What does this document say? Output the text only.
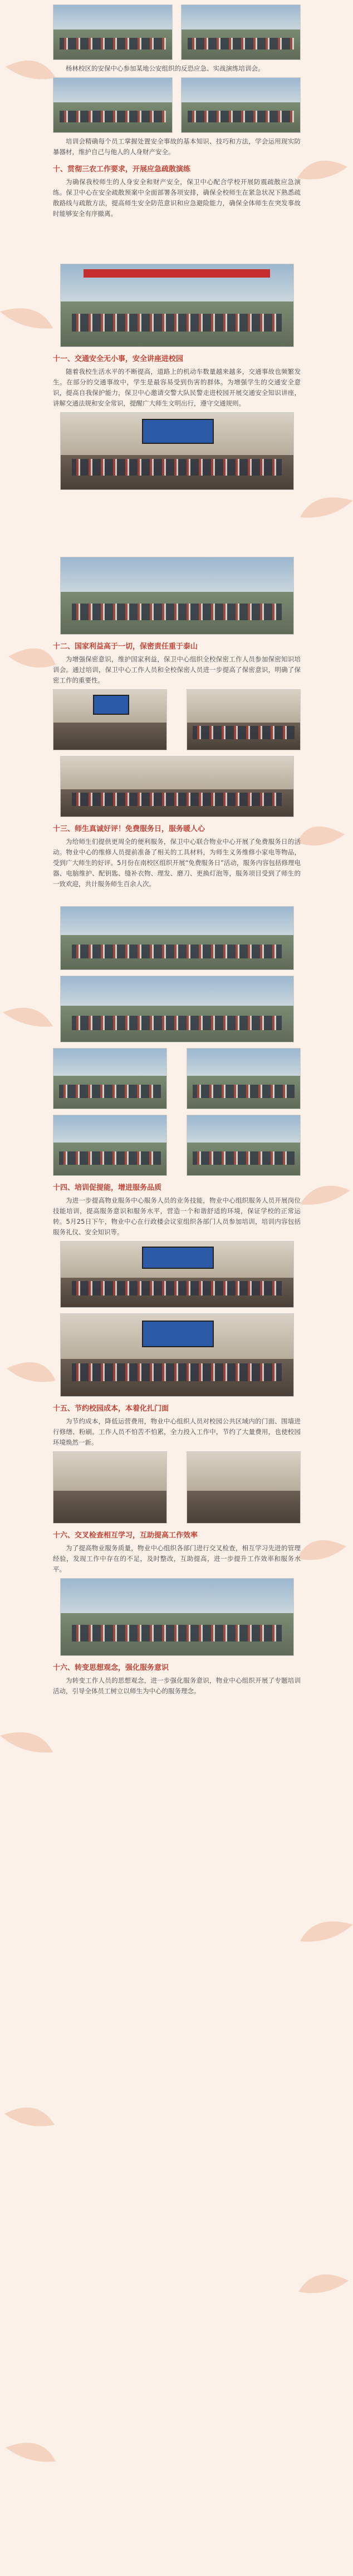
杨林校区的安保中心参加某地公安组织的反恐应急、实战演练培训会。

培训会精确每个员工掌握处置安全事故的基本知识、技巧和方法，学会运用现实防暴器材，维护自己与他人的人身财产安全。

十、贯彻三农工作要求，开展应急疏散演练

为确保我校师生的人身安全和财产安全，保卫中心配合学校开展防震疏散应急演练。保卫中心在安全疏散预案中全面部署各项安排，确保全校师生在紧急状况下熟悉疏散路线与疏散方法，提高师生安全防范意识和应急避险能力，确保全体师生在突发事故时能够安全有序撤离。

十一、交通安全无小事，安全讲座进校园

随着我校生活水平的不断提高，道路上的机动车数量越来越多，交通事故也频繁发生。在部分的交通事故中，学生是最容易受到伤害的群体。为增强学生的交通安全意识，提高自我保护能力，保卫中心邀请交警大队民警走进校园开展交通安全知识讲座，讲解交通法规和安全常识，提醒广大师生文明出行，遵守交通规则。

十二、国家利益高于一切，保密责任重于泰山

为增强保密意识，维护国家利益，保卫中心组织全校保密工作人员参加保密知识培训会。通过培训，保卫中心工作人员和全校保密人员进一步提高了保密意识，明确了保密工作的重要性。

十三、师生真诚好评！免费服务日，服务暖人心

为给师生们提供更周全的便利服务，保卫中心联合物业中心开展了免费服务日的活动。物业中心的维修人员提前准备了相关的工具材料，为师生义务维修小家电等物品，受到广大师生的好评。5月份在南校区组织开展“免费服务日”活动，服务内容包括修理电器、电脑维护、配钥匙、缝补衣物、理发、磨刀、更换灯泡等，服务项目受到了师生的一致欢迎，共计服务师生百余人次。

十四、培训促提能，增进服务品质

为进一步提高物业服务中心服务人员的业务技能，物业中心组织服务人员开展岗位技能培训，提高服务意识和服务水平，营造一个和谐舒适的环境，保证学校的正常运转。5月25日下午，物业中心在行政楼会议室组织各部门人员参加培训，培训内容包括服务礼仪、安全知识等。

十五、节约校园成本，本着化扎门面

为节约成本，降低运营费用，物业中心组织人员对校园公共区域内的门面、围墙进行修缮、粉刷。工作人员不怕苦不怕累，全力投入工作中，节约了大量费用，也使校园环境焕然一新。

十六、交叉检查相互学习，互助提高工作效率

为了提高物业服务质量，物业中心组织各部门进行交叉检查，相互学习先进的管理经验，发现工作中存在的不足，及时整改，互助提高，进一步提升工作效率和服务水平。

十六、转变思想观念，强化服务意识

为转变工作人员的思想观念，进一步强化服务意识，物业中心组织开展了专题培训活动，引导全体员工树立以师生为中心的服务理念。
